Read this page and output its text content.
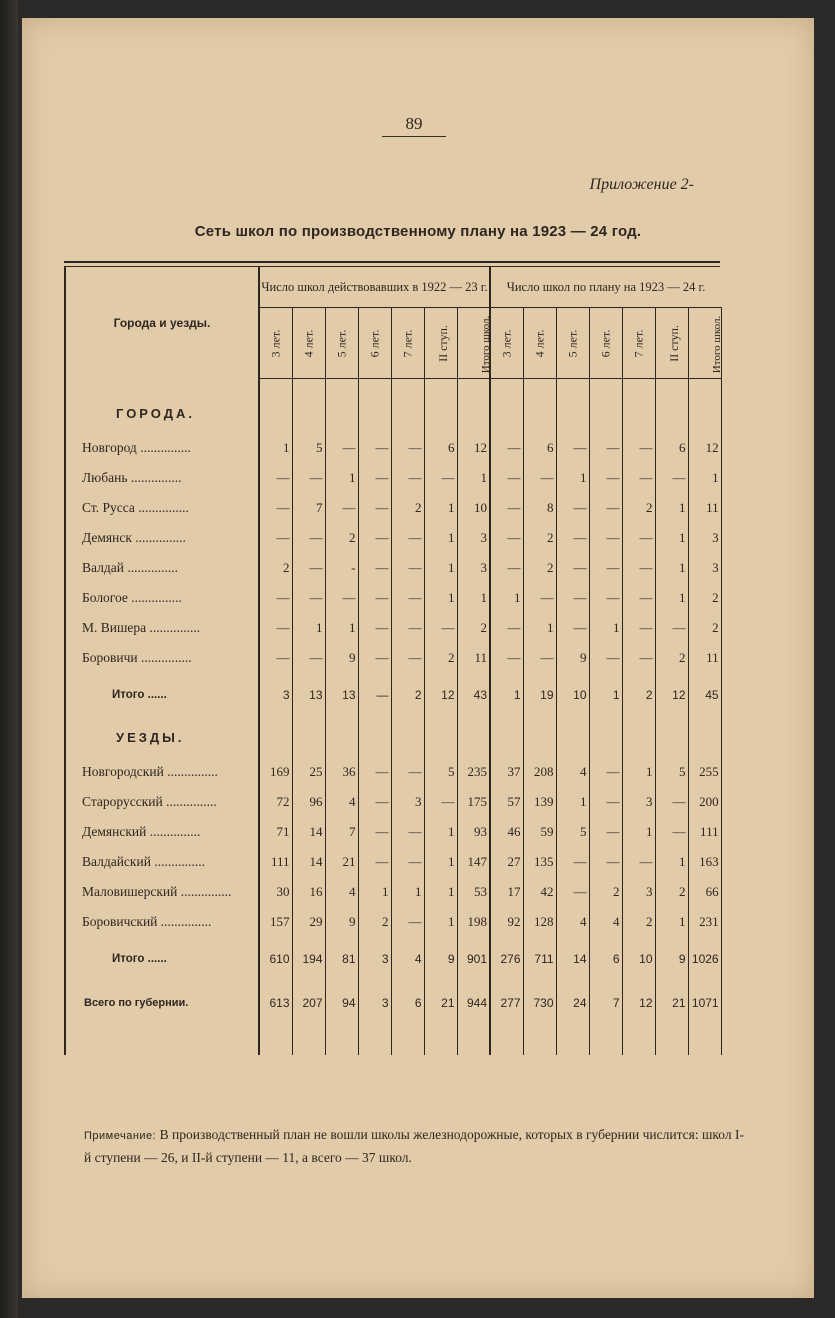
89
Приложение 2-
Сеть школ по производственному плану на 1923 — 24 год.
Города и уезды.	Число школ действовавших в 1922 — 23 г.							Число школ по плану на 1923 — 24 г.						
	3 лет.	4 лет.	5 лет.	6 лет.	7 лет.	II ступ.	Итого школ.	3 лет.	4 лет.	5 лет.	6 лет.	7 лет.	II ступ.	Итого школ.

ГОРОДА.														
Новгород ...............	1	5	—	—	—	6	12	—	6	—	—	—	6	12
Любань ...............	—	—	1	—	—	—	1	—	—	1	—	—	—	1
Ст. Русса ...............	—	7	—	—	2	1	10	—	8	—	—	2	1	11
Демянск ...............	—	—	2	—	—	1	3	—	2	—	—	—	1	3
Валдай ...............	2	—	-	—	—	1	3	—	2	—	—	—	1	3
Бологое ...............	—	—	—	—	—	1	1	1	—	—	—	—	1	2
М. Вишера ...............	—	1	1	—	—	—	2	—	1	—	1	—	—	2
Боровичи ...............	—	—	9	—	—	2	11	—	—	9	—	—	2	11
Итого ......	3	13	13	—	2	12	43	1	19	10	1	2	12	45
УЕЗДЫ.														
Новгородский ...............	169	25	36	—	—	5	235	37	208	4	—	1	5	255
Старорусский ...............	72	96	4	—	3	—	175	57	139	1	—	3	—	200
Демянский ...............	71	14	7	—	—	1	93	46	59	5	—	1	—	111
Валдайский ...............	111	14	21	—	—	1	147	27	135	—	—	—	1	163
Маловишерский ...............	30	16	4	1	1	1	53	17	42	—	2	3	2	66
Боровичский ...............	157	29	9	2	—	1	198	92	128	4	4	2	1	231
Итого ......	610	194	81	3	4	9	901	276	711	14	6	10	9	1026
Всего по губернии.	613	207	94	3	6	21	944	277	730	24	7	12	21	1071

Примечание: В производственный план не вошли школы железнодорожные, которых в губернии числится: школ I-й ступени — 26, и II-й ступени — 11, а всего — 37 школ.
